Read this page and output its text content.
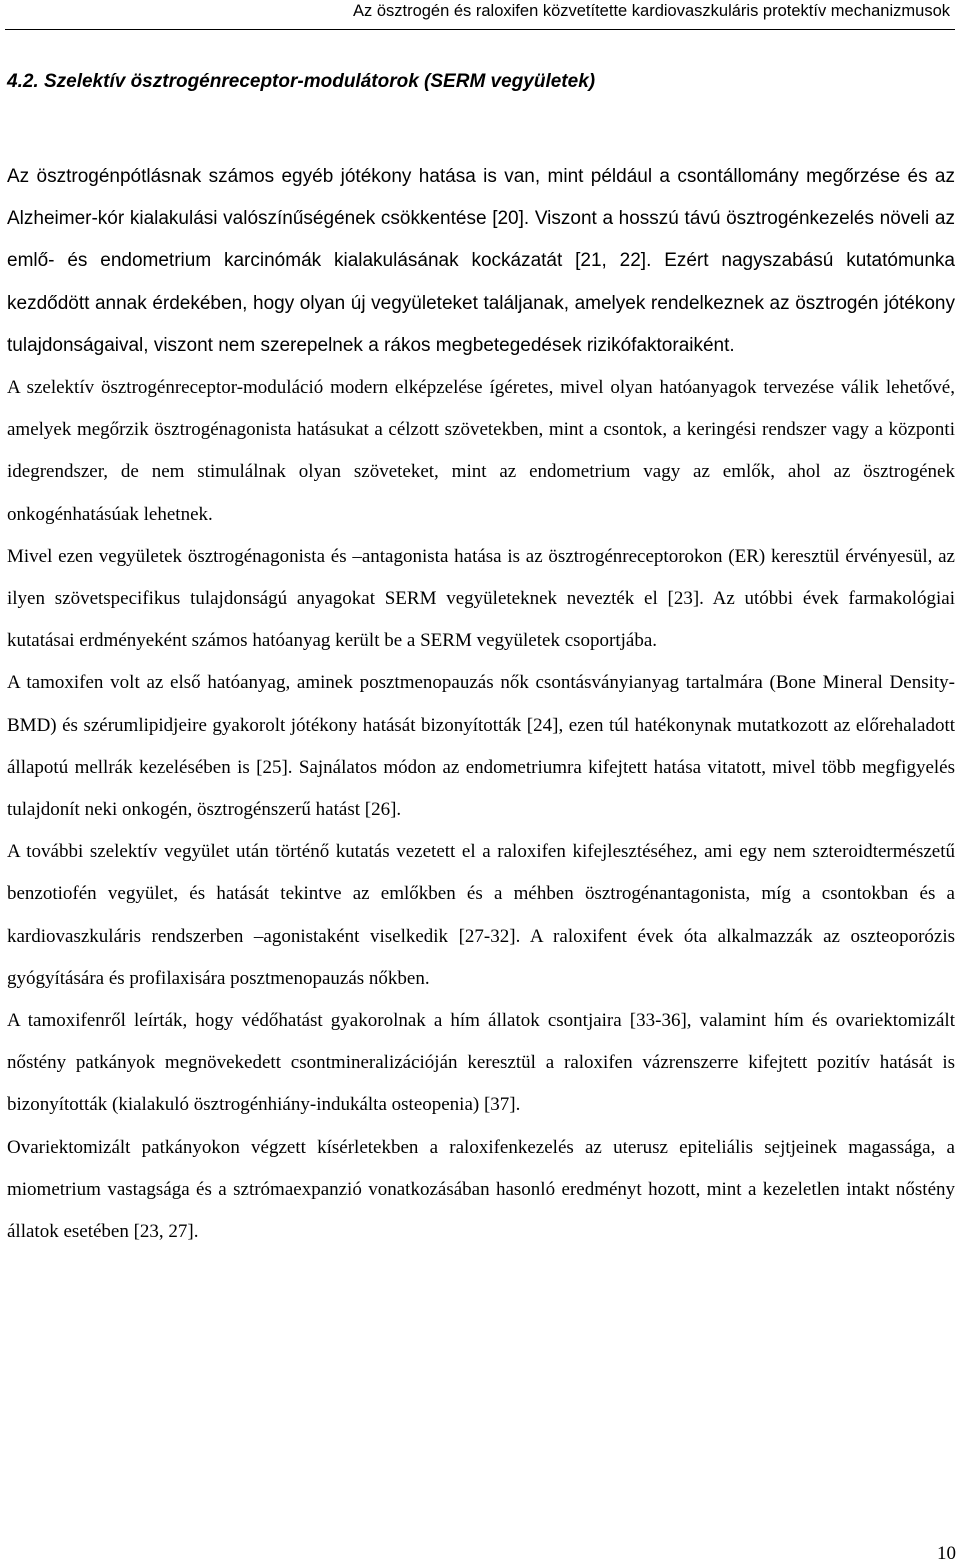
Az ösztrogén és raloxifen közvetítette kardiovaszkuláris protektív mechanizmusok
4.2. Szelektív ösztrogénreceptor-modulátorok (SERM vegyületek)

Az ösztrogénpótlásnak számos egyéb jótékony hatása is van, mint például a csontállomány megőrzése és az Alzheimer-kór kialakulási valószínűségének csökkentése [20]. Viszont a hosszú távú ösztrogénkezelés növeli az emlő- és endometrium karcinómák kialakulásának kockázatát [21, 22]. Ezért nagyszabású kutatómunka kezdődött annak érdekében, hogy olyan új vegyületeket találjanak, amelyek rendelkeznek az ösztrogén jótékony tulajdonságaival, viszont nem szerepelnek a rákos megbetegedések rizikófaktoraiként.

A szelektív ösztrogénreceptor-moduláció modern elképzelése ígéretes, mivel olyan hatóanyagok tervezése válik lehetővé, amelyek megőrzik ösztrogénagonista hatásukat a célzott szövetekben, mint a csontok, a keringési rendszer vagy a központi idegrendszer, de nem stimulálnak olyan szöveteket, mint az endometrium vagy az emlők, ahol az ösztrogének onkogénhatásúak lehetnek.

Mivel ezen vegyületek ösztrogénagonista és –antagonista hatása is az ösztrogénreceptorokon (ER) keresztül érvényesül, az ilyen szövetspecifikus tulajdonságú anyagokat SERM vegyületeknek nevezték el [23]. Az utóbbi évek farmakológiai kutatásai erdményeként számos hatóanyag került be a SERM vegyületek csoportjába.

A tamoxifen volt az első hatóanyag, aminek posztmenopauzás nők csontásványianyag tartalmára (Bone Mineral Density- BMD) és szérumlipidjeire gyakorolt jótékony hatását bizonyították [24], ezen túl hatékonynak mutatkozott az előrehaladott állapotú mellrák kezelésében is [25]. Sajnálatos módon az endometriumra kifejtett hatása vitatott, mivel több megfigyelés tulajdonít neki onkogén, ösztrogénszerű hatást [26].

A további szelektív vegyület után történő kutatás vezetett el a raloxifen kifejlesztéséhez, ami egy nem szteroidtermészetű benzotiofén vegyület, és hatását tekintve az emlőkben és a méhben ösztrogénantagonista, míg a csontokban és a kardiovaszkuláris rendszerben –agonistaként viselkedik [27-32]. A raloxifent évek óta alkalmazzák az oszteoporózis gyógyítására és profilaxisára posztmenopauzás nőkben.

A tamoxifenről leírták, hogy védőhatást gyakorolnak a hím állatok csontjaira [33-36], valamint hím és ovariektomizált nőstény patkányok megnövekedett csontmineralizációján keresztül a raloxifen vázrenszerre kifejtett pozitív hatását is bizonyították (kialakuló ösztrogénhiány-indukálta osteopenia) [37].

Ovariektomizált patkányokon végzett kísérletekben a raloxifenkezelés az uterusz epiteliális sejtjeinek magassága, a miometrium vastagsága és a sztrómaexpanzió vonatkozásában hasonló eredményt hozott, mint a kezeletlen intakt nőstény állatok esetében [23, 27].

10
